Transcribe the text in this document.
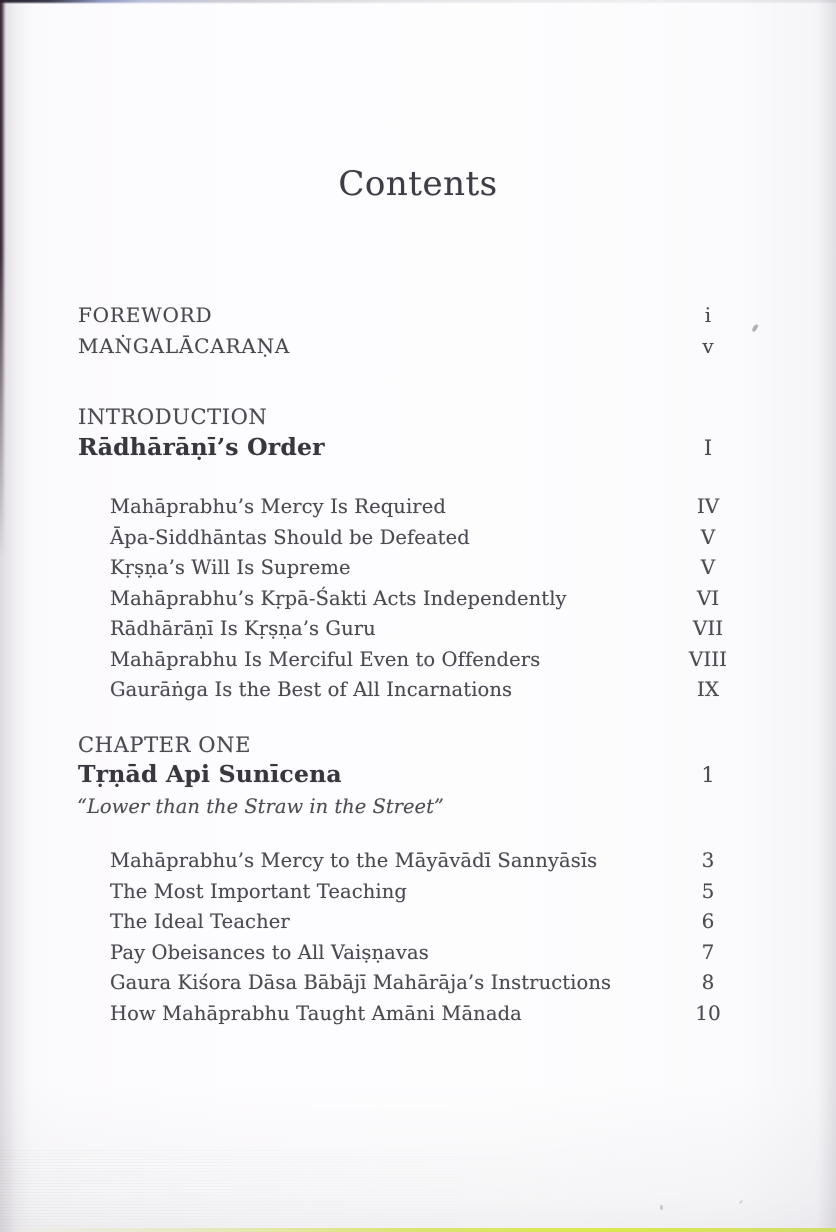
Contents
FOREWORD	i
MAṄGALĀCARAṆA	v
INTRODUCTION
Rādhārāṇī’s Order	I
Mahāprabhu’s Mercy Is Required	IV
Āpa-Siddhāntas Should be Defeated	V
Kṛṣṇa’s Will Is Supreme	V
Mahāprabhu’s Kṛpā-Śakti Acts Independently	VI
Rādhārāṇī Is Kṛṣṇa’s Guru	VII
Mahāprabhu Is Merciful Even to Offenders	VIII
Gaurāṅga Is the Best of All Incarnations	IX
CHAPTER ONE
Tṛṇād Api Sunīcena	1
“Lower than the Straw in the Street”
Mahāprabhu’s Mercy to the Māyāvādī Sannyāsīs	3
The Most Important Teaching	5
The Ideal Teacher	6
Pay Obeisances to All Vaiṣṇavas	7
Gaura Kiśora Dāsa Bābājī Mahārāja’s Instructions	8
How Mahāprabhu Taught Amāni Mānada	10
